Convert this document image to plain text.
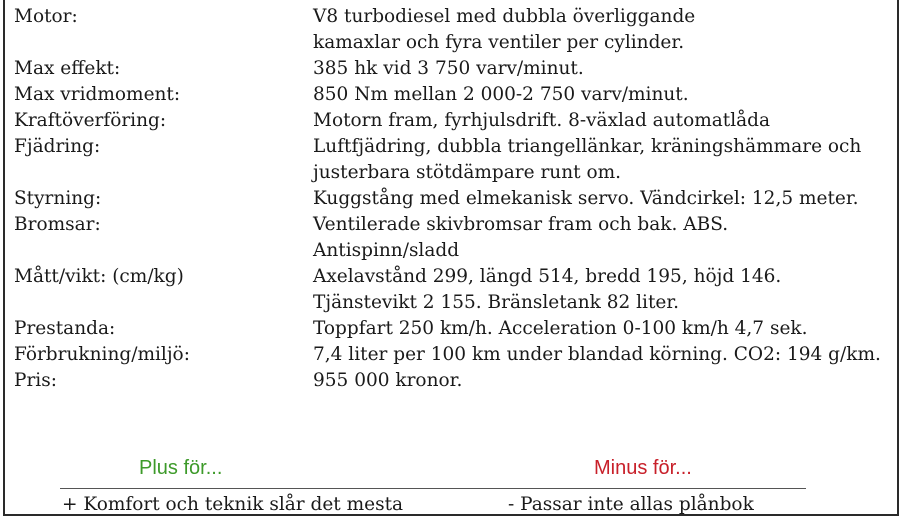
Motor:	V8 turbodiesel med dubbla överliggande
kamaxlar och fyra ventiler per cylinder.
Max effekt:	385 hk vid 3 750 varv/minut.
Max vridmoment:	850 Nm mellan 2 000-2 750 varv/minut.
Kraftöverföring:	Motorn fram, fyrhjulsdrift. 8-växlad automatlåda
Fjädring:	Luftfjädring, dubbla triangellänkar, kräningshämmare och
justerbara stötdämpare runt om.
Styrning:	Kuggstång med elmekanisk servo. Vändcirkel: 12,5 meter.
Bromsar:	Ventilerade skivbromsar fram och bak. ABS.
Antispinn/sladd
Mått/vikt: (cm/kg)	Axelavstånd 299, längd 514, bredd 195, höjd 146.
Tjänstevikt 2 155. Bränsletank 82 liter.
Prestanda:	Toppfart 250 km/h. Acceleration 0-100 km/h 4,7 sek.
Förbrukning/miljö:	7,4 liter per 100 km under blandad körning. CO2: 194 g/km.
Pris:	955 000 kronor.
Plus för...	Minus för...
+ Komfort och teknik slår det mesta	- Passar inte allas plånbok
